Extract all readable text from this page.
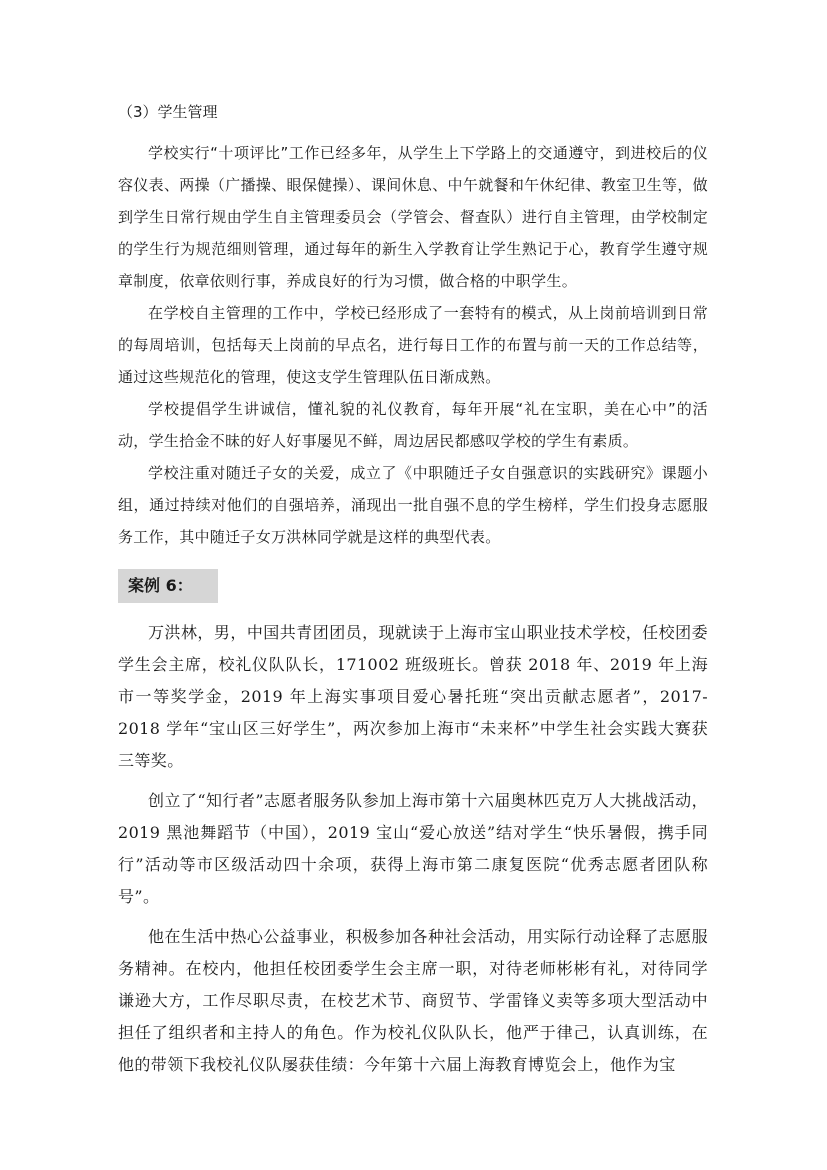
（3）学生管理

学校实行“十项评比”工作已经多年，从学生上下学路上的交通遵守，到进校后的仪容仪表、两操（广播操、眼保健操）、课间休息、中午就餐和午休纪律、教室卫生等，做到学生日常行规由学生自主管理委员会（学管会、督查队）进行自主管理，由学校制定的学生行为规范细则管理，通过每年的新生入学教育让学生熟记于心，教育学生遵守规章制度，依章依则行事，养成良好的行为习惯，做合格的中职学生。

在学校自主管理的工作中，学校已经形成了一套特有的模式，从上岗前培训到日常的每周培训，包括每天上岗前的早点名，进行每日工作的布置与前一天的工作总结等，通过这些规范化的管理，使这支学生管理队伍日渐成熟。

学校提倡学生讲诚信，懂礼貌的礼仪教育，每年开展“礼在宝职，美在心中”的活动，学生拾金不昧的好人好事屡见不鲜，周边居民都感叹学校的学生有素质。

学校注重对随迁子女的关爱，成立了《中职随迁子女自强意识的实践研究》课题小组，通过持续对他们的自强培养，涌现出一批自强不息的学生榜样，学生们投身志愿服务工作，其中随迁子女万洪林同学就是这样的典型代表。

案例 6：

万洪林，男，中国共青团团员，现就读于上海市宝山职业技术学校，任校团委学生会主席，校礼仪队队长，171002 班级班长。曾获 2018 年、2019 年上海市一等奖学金，2019 年上海实事项目爱心暑托班“突出贡献志愿者”，2017-2018 学年“宝山区三好学生”，两次参加上海市“未来杯”中学生社会实践大赛获三等奖。

创立了“知行者”志愿者服务队参加上海市第十六届奥林匹克万人大挑战活动，2019 黑池舞蹈节（中国），2019 宝山“爱心放送”结对学生“快乐暑假，携手同行”活动等市区级活动四十余项，获得上海市第二康复医院“优秀志愿者团队称号”。

他在生活中热心公益事业，积极参加各种社会活动，用实际行动诠释了志愿服务精神。在校内，他担任校团委学生会主席一职，对待老师彬彬有礼，对待同学谦逊大方，工作尽职尽责，在校艺术节、商贸节、学雷锋义卖等多项大型活动中担任了组织者和主持人的角色。作为校礼仪队队长，他严于律己，认真训练，在他的带领下我校礼仪队屡获佳绩：今年第十六届上海教育博览会上，他作为宝
